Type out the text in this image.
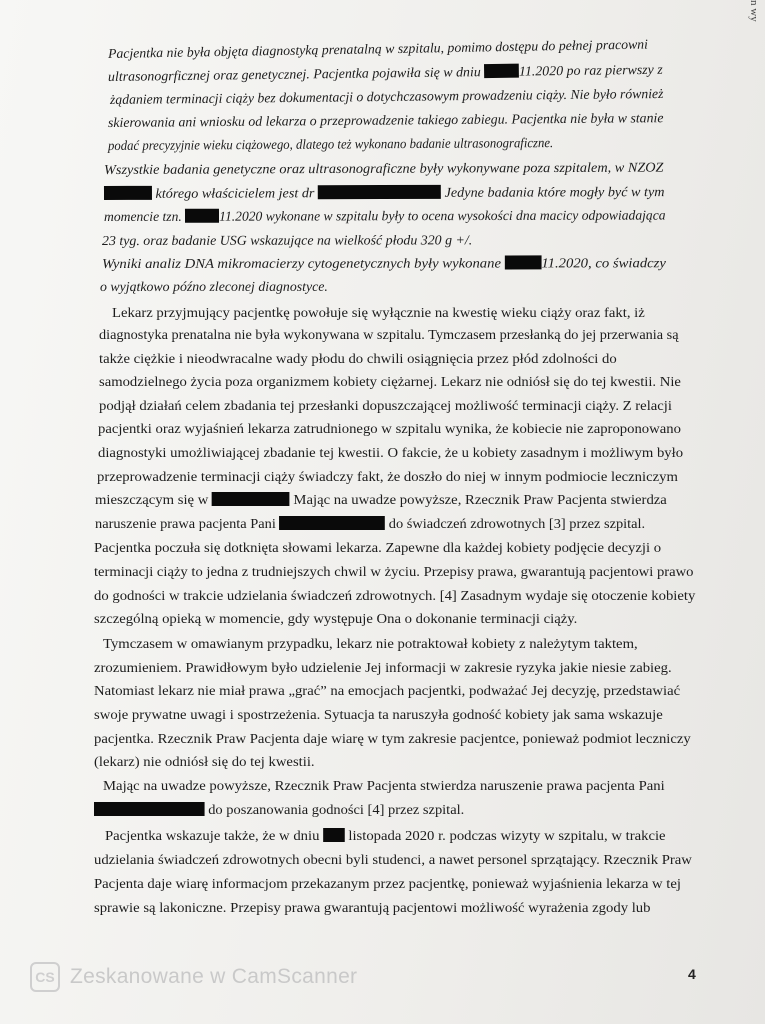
n wy
Pacjentka nie była objęta diagnostyką prenatalną w szpitalu, pomimo dostępu do pełnej pracowni
ultrasonogrficznej oraz genetycznej. Pacjentka pojawiła się w dniu	11.2020 po raz pierwszy z
żądaniem terminacji ciąży bez dokumentacji o dotychczasowym prowadzeniu ciąży. Nie było również
skierowania ani wniosku od lekarza o przeprowadzenie takiego zabiegu. Pacjentka nie była w stanie
podać precyzyjnie wieku ciążowego, dlatego też wykonano badanie ultrasonograficzne.
Wszystkie badania genetyczne oraz ultrasonograficzne były wykonywane poza szpitalem, w NZOZ
którego właścicielem jest dr	Jedyne badania które mogły być w tym
momencie tzn. 11.2020 wykonane w szpitalu były to ocena wysokości dna macicy odpowiadająca
23 tyg. oraz badanie USG wskazujące na wielkość płodu 320 g +/.
Wyniki analiz DNA mikromacierzy cytogenetycznych były wykonane	11.2020, co świadczy
o wyjątkowo późno zleconej diagnostyce.
Lekarz przyjmujący pacjentkę powołuje się wyłącznie na kwestię wieku ciąży oraz fakt, iż
diagnostyka prenatalna nie była wykonywana w szpitalu. Tymczasem przesłanką do jej przerwania są
także ciężkie i nieodwracalne wady płodu do chwili osiągnięcia przez płód zdolności do
samodzielnego życia poza organizmem kobiety ciężarnej. Lekarz nie odniósł się do tej kwestii. Nie
podjął działań celem zbadania tej przesłanki dopuszczającej możliwość terminacji ciąży. Z relacji
pacjentki oraz wyjaśnień lekarza zatrudnionego w szpitalu wynika, że kobiecie nie zaproponowano
diagnostyki umożliwiającej zbadanie tej kwestii. O fakcie, że u kobiety zasadnym i możliwym było
przeprowadzenie terminacji ciąży świadczy fakt, że doszło do niej w innym podmiocie leczniczym
mieszczącym się w	Mając na uwadze powyższe, Rzecznik Praw Pacjenta stwierdza
naruszenie prawa pacjenta Pani	do świadczeń zdrowotnych [3] przez szpital.
Pacjentka poczuła się dotknięta słowami lekarza. Zapewne dla każdej kobiety podjęcie decyzji o
terminacji ciąży to jedna z trudniejszych chwil w życiu. Przepisy prawa, gwarantują pacjentowi prawo
do godności w trakcie udzielania świadczeń zdrowotnych. [4] Zasadnym wydaje się otoczenie kobiety
szczególną opieką w momencie, gdy występuje Ona o dokonanie terminacji ciąży.
Tymczasem w omawianym przypadku, lekarz nie potraktował kobiety z należytym taktem,
zrozumieniem. Prawidłowym było udzielenie Jej informacji w zakresie ryzyka jakie niesie zabieg.
Natomiast lekarz nie miał prawa „grać” na emocjach pacjentki, podważać Jej decyzję, przedstawiać
swoje prywatne uwagi i spostrzeżenia. Sytuacja ta naruszyła godność kobiety jak sama wskazuje
pacjentka. Rzecznik Praw Pacjenta daje wiarę w tym zakresie pacjentce, ponieważ podmiot leczniczy
(lekarz) nie odniósł się do tej kwestii.
Mając na uwadze powyższe, Rzecznik Praw Pacjenta stwierdza naruszenie prawa pacjenta Pani
do poszanowania godności [4] przez szpital.
Pacjentka wskazuje także, że w dniu  listopada 2020 r. podczas wizyty w szpitalu, w trakcie
udzielania świadczeń zdrowotnych obecni byli studenci, a nawet personel sprzątający. Rzecznik Praw
Pacjenta daje wiarę informacjom przekazanym przez pacjentkę, ponieważ wyjaśnienia lekarza w tej
sprawie są lakoniczne. Przepisy prawa gwarantują pacjentowi możliwość wyrażenia zgody lub
CS Zeskanowane w CamScanner	4
